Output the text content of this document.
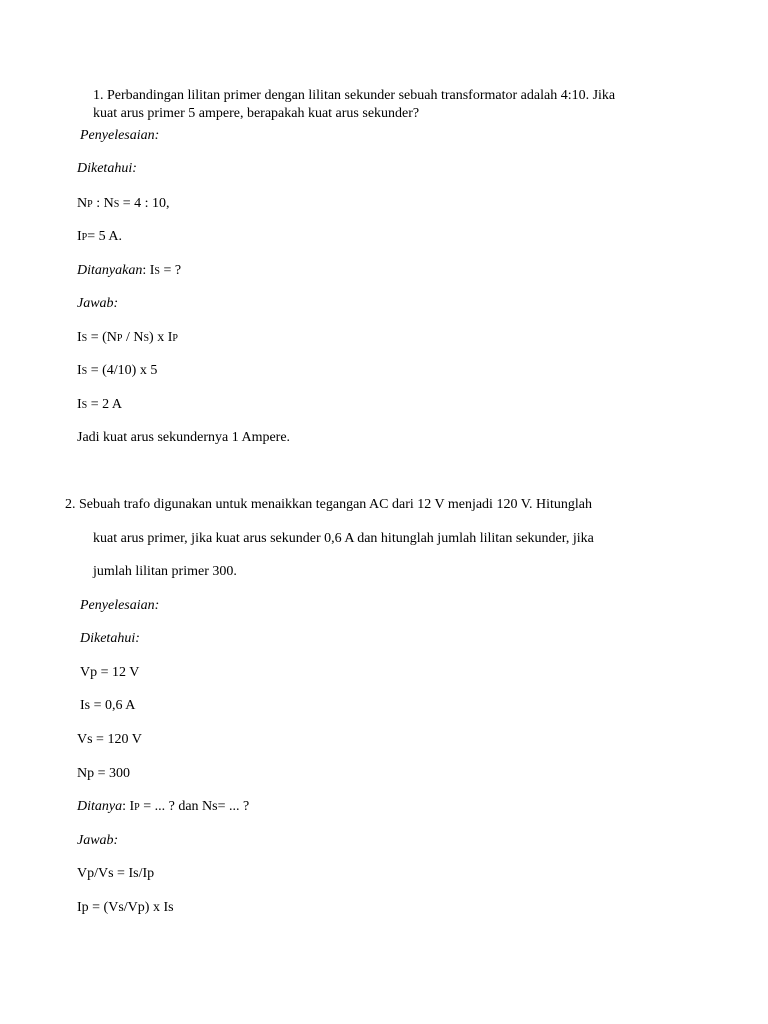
1. Perbandingan lilitan primer dengan lilitan sekunder sebuah transformator adalah 4:10. Jika
kuat arus primer 5 ampere, berapakah kuat arus sekunder?
Penyelesaian:
Diketahui:
NP : NS = 4 : 10,
IP= 5 A.
Ditanyakan: IS = ?
Jawab:
IS = (NP / NS) x IP
IS = (4/10) x 5
IS = 2 A
Jadi kuat arus sekundernya 1 Ampere.
2. Sebuah trafo digunakan untuk menaikkan tegangan AC dari 12 V menjadi 120 V. Hitunglah
kuat arus primer, jika kuat arus sekunder 0,6 A dan hitunglah jumlah lilitan sekunder, jika
jumlah lilitan primer 300.
Penyelesaian:
Diketahui:
Vp = 12 V
Is = 0,6 A
Vs = 120 V
Np = 300
Ditanya: IP = ... ? dan Ns= ... ?
Jawab:
Vp/Vs = Is/Ip
Ip = (Vs/Vp) x Is
